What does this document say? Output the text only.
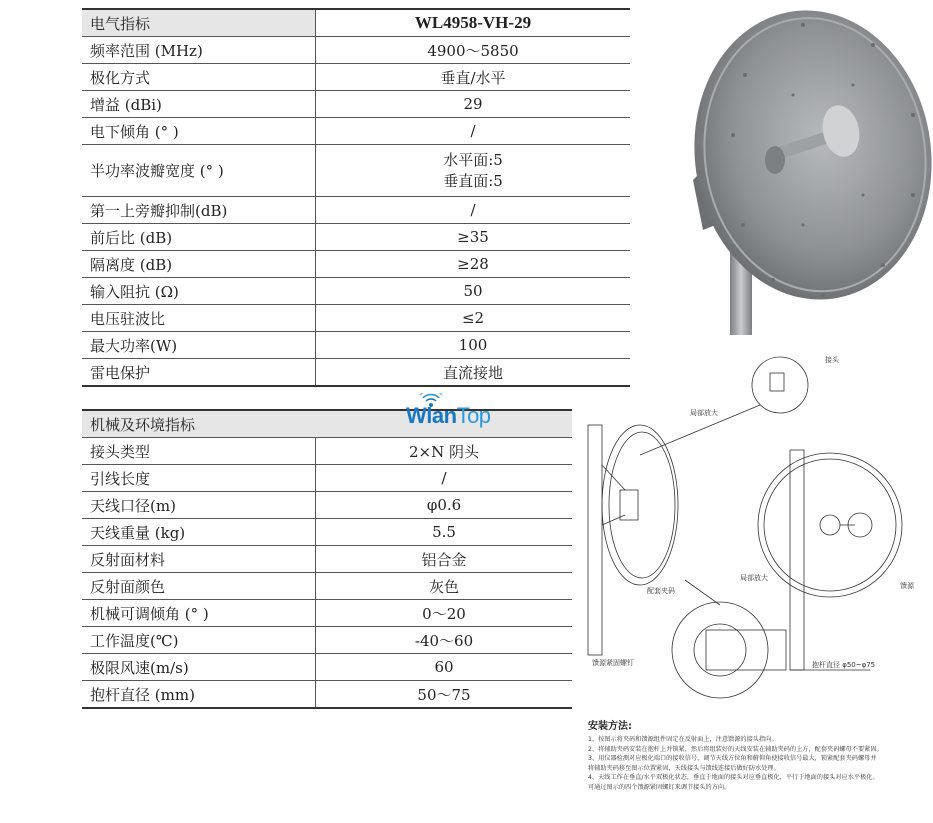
电气指标	WL4958-VH-29
频率范围 (MHz)	4900～5850
极化方式	垂直/水平
增益 (dBi)	29
电下倾角 (° )	/
半功率波瓣宽度 (° )	水平面:5
垂直面:5

第一上旁瓣抑制(dB)	/
前后比 (dB)	≥35
隔离度 (dB)	≥28
输入阻抗 (Ω)	50
电压驻波比	≤2
最大功率(W)	100
雷电保护	直流接地
机械及环境指标	
接头类型	2×N 阴头
引线长度	/
天线口径(m)	φ0.6
天线重量 (kg)	5.5
反射面材料	铝合金
反射面颜色	灰色
机械可调倾角 (° )	0～20
工作温度(℃)	-40～60
极限风速(m/s)	60
抱杆直径 (mm)	50～75
WlanTop
接头
局部放大
局部放大
配套夹码
馈源
馈源紧固螺钉	抱杆直径 φ50~φ75
安装方法:
1、按图示将夹码和馈源组件固定在反射面上，注意馈源的接头指向。
2、将辅助夹码安装在抱杆上并锁紧，然后将组装好的天线安装在辅助夹码的上方，配套夹码螺母不要紧固。
3、用仪器检测对应极化端口的接收信号，调节天线方位角和俯仰角使接收信号最大，锁紧配套夹码螺母并
将辅助夹码移至图示位置紧固，天线接头与馈线连接后做好防水处理。
4、天线工作在垂直/水平双极化状态，垂直于地面的接头对应垂直极化，平行于地面的接头对应水平极化。
可通过图示的四个馈源紧固螺钉来调节接头的方向。
